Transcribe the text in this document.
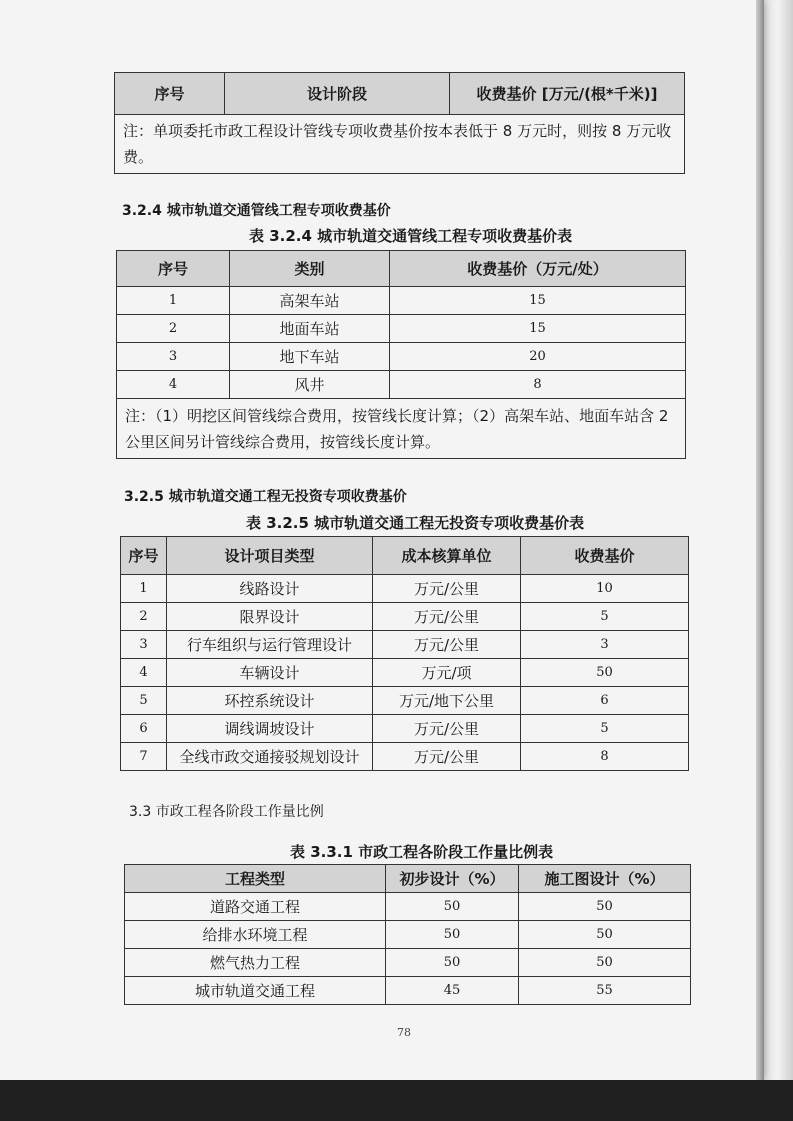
序号	设计阶段	收费基价 [万元/(根*千米)]
注：单项委托市政工程设计管线专项收费基价按本表低于 8 万元时，则按 8 万元收费。
3.2.4 城市轨道交通管线工程专项收费基价
表 3.2.4 城市轨道交通管线工程专项收费基价表
序号	类别	收费基价（万元/处）
1	高架车站	15
2	地面车站	15
3	地下车站	20
4	风井	8
注：（1）明挖区间管线综合费用，按管线长度计算；（2）高架车站、地面车站含 2 公里区间另计管线综合费用，按管线长度计算。		
3.2.5 城市轨道交通工程无投资专项收费基价
表 3.2.5 城市轨道交通工程无投资专项收费基价表
序号	设计项目类型	成本核算单位	收费基价
1	线路设计	万元/公里	10
2	限界设计	万元/公里	5
3	行车组织与运行管理设计	万元/公里	3
4	车辆设计	万元/项	50
5	环控系统设计	万元/地下公里	6
6	调线调坡设计	万元/公里	5
7	全线市政交通接驳规划设计	万元/公里	8
3.3 市政工程各阶段工作量比例
表 3.3.1 市政工程各阶段工作量比例表
工程类型	初步设计（%）	施工图设计（%）
道路交通工程	50	50
给排水环境工程	50	50
燃气热力工程	50	50
城市轨道交通工程	45	55
78
